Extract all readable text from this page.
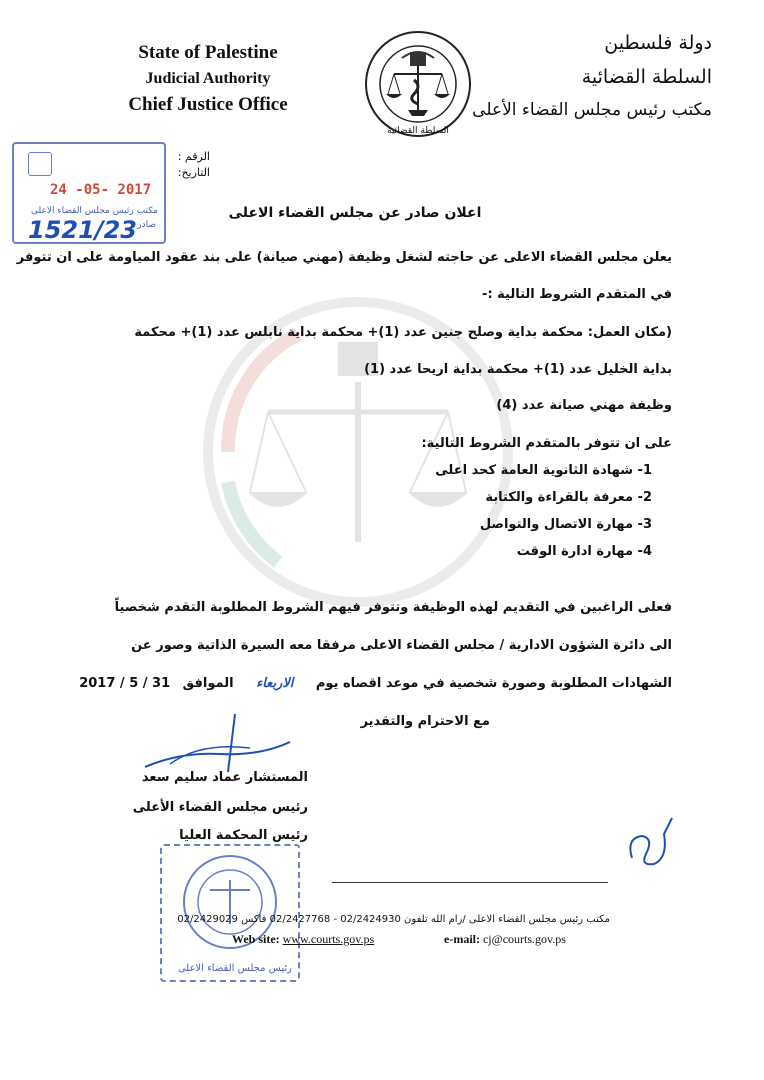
State of Palestine
Judicial Authority
Chief Justice Office
السلطة القضائية
دولة فلسطين
السلطة القضائية
مكتب رئيس مجلس القضاء الأعلى
24 -05- 2017
مكتب رئيس مجلس القضاء الاعلى
صادر
1521/23
الرقم :
التاريخ:
اعلان صادر عن مجلس القضاء الاعلى
يعلن مجلس القضاء الاعلى عن حاجته لشغل وظيفة (مهني صيانة) على بند عقود المياومة على ان تتوفر
في المتقدم الشروط التالية :-
(مكان العمل: محكمة بداية وصلح جنين عدد (1)+ محكمة بداية نابلس عدد (1)+ محكمة
بداية الخليل عدد (1)+ محكمة بداية اريحا عدد (1)
وظيفة مهني صيانة عدد (4)
على ان تتوفر بالمتقدم الشروط التالية:
1- شهادة الثانوية العامة كحد اعلى
2- معرفة بالقراءة والكتابة
3- مهارة الاتصال والتواصل
4- مهارة ادارة الوقت
فعلى الراغبين في التقديم لهذه الوظيفة وتتوفر فيهم الشروط المطلوبة التقدم شخصياً
الى دائرة الشؤون الادارية / مجلس القضاء الاعلى مرفقا معه السيرة الذاتية وصور عن
الشهادات المطلوبة وصورة شخصية في موعد اقصاه يوم الاربعاء الموافق 2017 / 5 / 31
مع الاحترام والتقدير
المستشار عماد سليم سعد
رئيس مجلس القضاء الأعلى
رئيس المحكمة العليا
رئيس مجلس القضاء الاعلى
مكتب رئيس مجلس القضاء الاعلى /رام الله تلفون 02/2424930 - 02/2427768 فاكس 02/2429029
Web site: www.courts.gov.ps	e-mail: cj@courts.gov.ps
